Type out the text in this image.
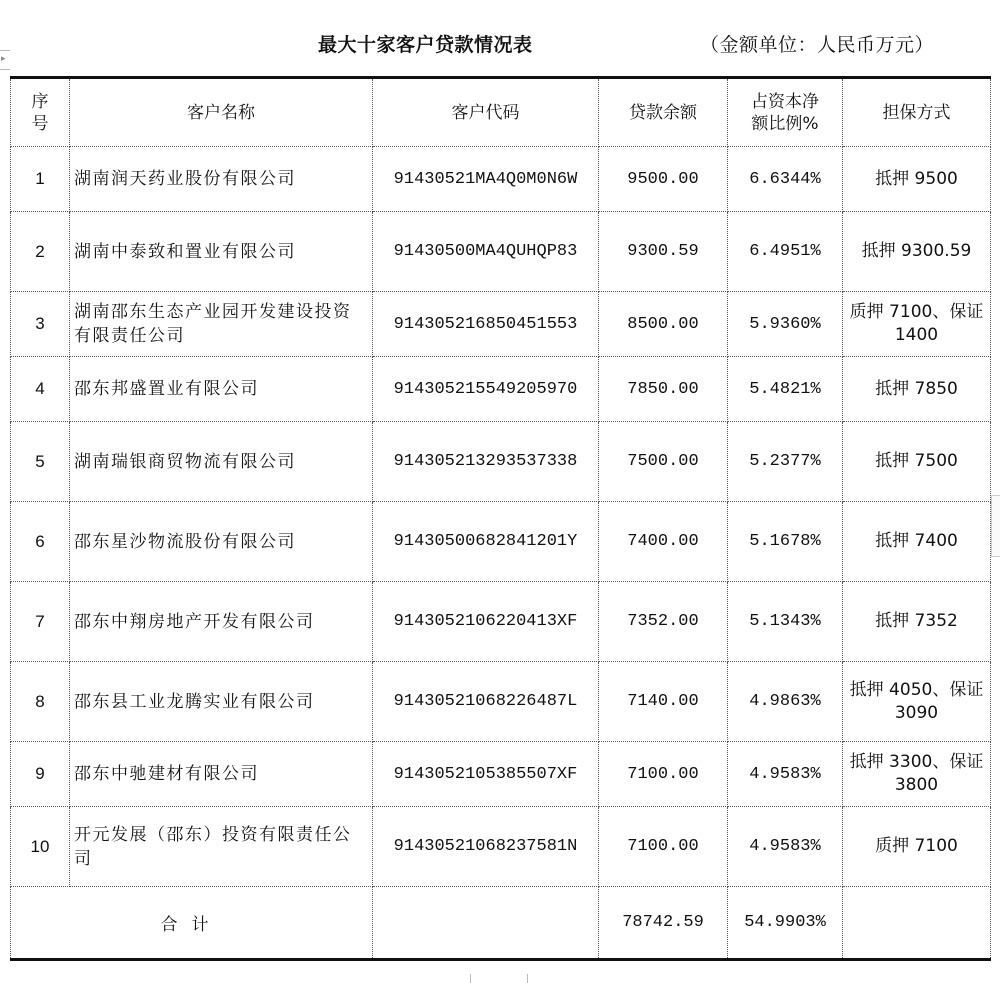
▸
最大十家客户贷款情况表	（金额单位：人民币万元）
序号	客户名称	客户代码	贷款余额	占资本净额比例%	担保方式
1	湖南润天药业股份有限公司	91430521MA4Q0M0N6W	9500.00	6.6344%	抵押 9500
2	湖南中泰致和置业有限公司	91430500MA4QUHQP83	9300.59	6.4951%	抵押 9300.59
3	湖南邵东生态产业园开发建设投资有限责任公司	914305216850451553	8500.00	5.9360%	质押 7100、保证 1400
4	邵东邦盛置业有限公司	914305215549205970	7850.00	5.4821%	抵押 7850
5	湖南瑞银商贸物流有限公司	914305213293537338	7500.00	5.2377%	抵押 7500
6	邵东星沙物流股份有限公司	91430500682841201Y	7400.00	5.1678%	抵押 7400
7	邵东中翔房地产开发有限公司	9143052106220413XF	7352.00	5.1343%	抵押 7352
8	邵东县工业龙腾实业有限公司	91430521068226487L	7140.00	4.9863%	抵押 4050、保证 3090
9	邵东中驰建材有限公司	9143052105385507XF	7100.00	4.9583%	抵押 3300、保证 3800
10	开元发展（邵东）投资有限责任公司	91430521068237581N	7100.00	4.9583%	质押 7100
合计			78742.59	54.9903%	
